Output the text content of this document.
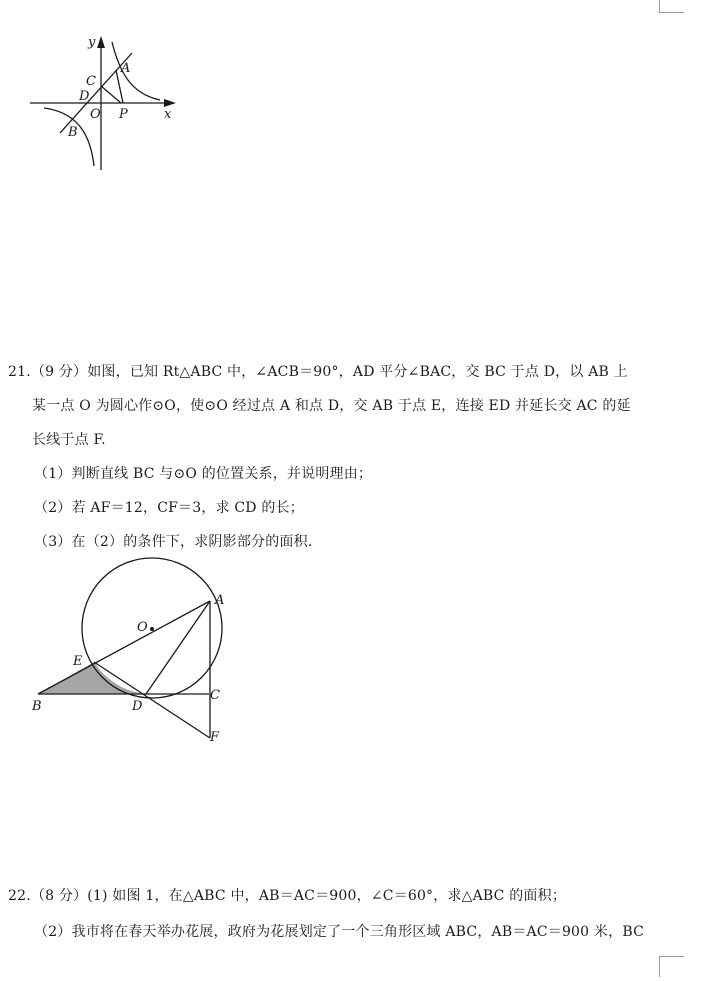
y
x
A
C
D
O P
B
21.（9 分）如图，已知 Rt△ABC 中，∠ACB＝90°，AD 平分∠BAC，交 BC 于点 D，以 AB 上
某一点 O 为圆心作⊙O，使⊙O 经过点 A 和点 D，交 AB 于点 E，连接 ED 并延长交 AC 的延
长线于点 F.
（1）判断直线 BC 与⊙O 的位置关系，并说明理由；
（2）若 AF＝12，CF＝3，求 CD 的长；
（3）在（2）的条件下，求阴影部分的面积．
A
O
E
B	D
C
F
22.（8 分）(1) 如图 1，在△ABC 中，AB＝AC＝900，∠C＝60°，求△ABC 的面积；
（2）我市将在春天举办花展，政府为花展划定了一个三角形区域 ABC，AB＝AC＝900 米，BC
